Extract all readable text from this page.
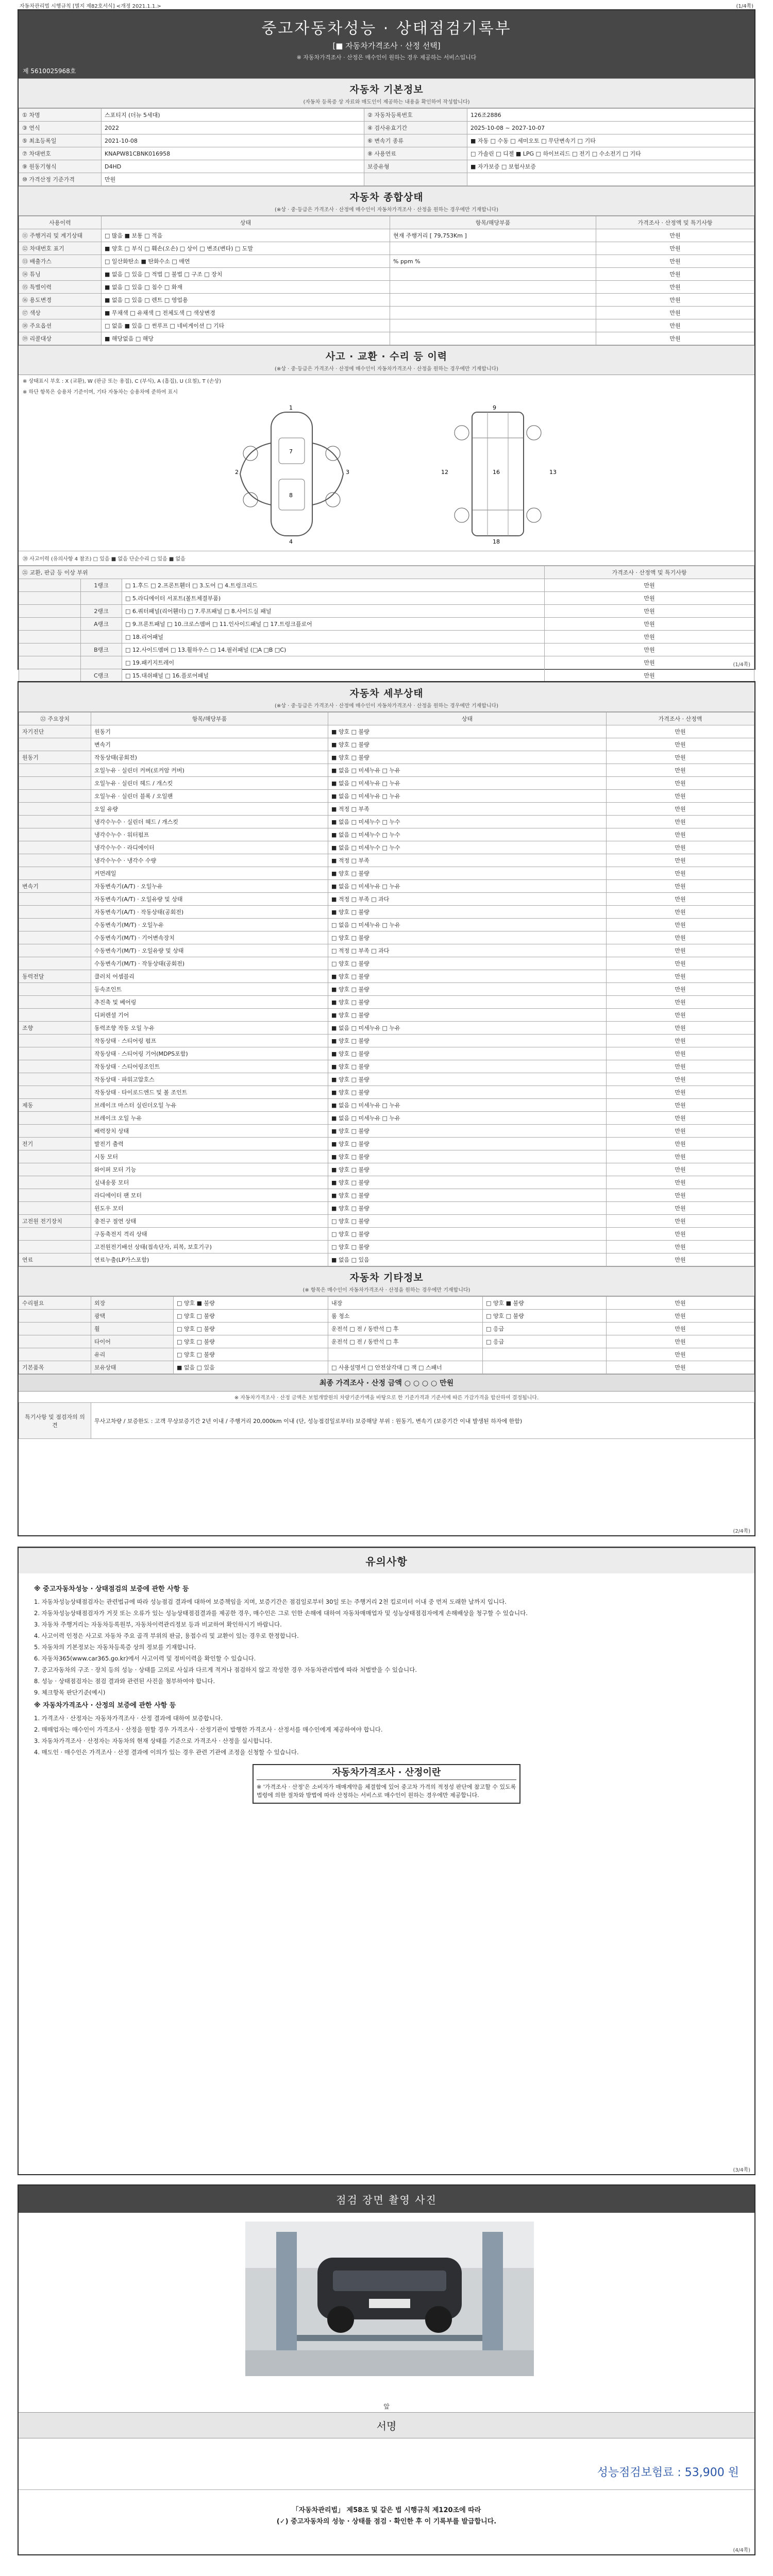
자동차관리법 시행규칙 [별지 제82호서식] <개정 2021.1.1.>	(1/4쪽)
중고자동차성능 · 상태점검기록부
[■ 자동차가격조사 · 산정 선택]
※ 자동차가격조사 · 산정은 매수인이 원하는 경우 제공하는 서비스입니다
제 5610025968호
자동차 기본정보
(자동차 등록증 상 자료와 매도인이 제공하는 내용을 확인하여 작성합니다)
① 차명	스포티지 (더뉴 5세대)	② 자동차등록번호	126조2886
③ 연식	2022	④ 검사유효기간	2025-10-08 ~ 2027-10-07
⑤ 최초등록일	2021-10-08	⑥ 변속기 종류	■ 자동 □ 수동 □ 세미오토 □ 무단변속기 □ 기타
⑦ 차대번호	KNAPW81CBNK016958	⑧ 사용연료	□ 가솔린 □ 디젤 ■ LPG □ 하이브리드 □ 전기 □ 수소전기 □ 기타
⑨ 원동기형식	D4HD	보증유형	■ 자가보증 □ 보험사보증
⑩ 가격산정 기준가격	만원		
자동차 종합상태
(※상 · 중·등급은 가격조사 · 산정에 매수인이 자동차가격조사 · 산정을 원하는 경우에만 기재합니다)
사용이력	상태	항목/해당부품	가격조사 · 산정액 및 특기사항
⑪ 주행거리 및 계기상태	□ 많음 ■ 보통 □ 적음	현재 주행거리 [ 79,753Km ]	만원
⑫ 차대번호 표기	■ 양호 □ 부식 □ 훼손(오손) □ 상이 □ 변조(변타) □ 도말		만원
⑬ 배출가스	□ 일산화탄소 ■ 탄화수소 □ 매연	% ppm %	만원
⑭ 튜닝	■ 없음 □ 있음 □ 적법 □ 불법 □ 구조 □ 장치		만원
⑮ 특별이력	■ 없음 □ 있음 □ 침수 □ 화재		만원
⑯ 용도변경	■ 없음 □ 있음 □ 렌트 □ 영업용		만원
⑰ 색상	■ 무채색 □ 유채색 □ 전체도색 □ 색상변경		만원
⑱ 주요옵션	□ 없음 ■ 있음 □ 썬루프 □ 네비게이션 □ 기타		만원
⑲ 리콜대상	■ 해당없음 □ 해당		만원
사고 · 교환 · 수리 등 이력
(※상 · 중·등급은 가격조사 · 산정에 매수인이 자동차가격조사 · 산정을 원하는 경우에만 기재합니다)
※ 상태표시 부호 : X (교환), W (판금 또는 용접), C (부식), A (흠집), U (요철), T (손상)
※ 하단 항목은 승용차 기준이며, 기타 자동차는 승용차에 준하여 표시
1
2	3
4
7
8
9
16
12	13
18
⑳ 사고이력 (유의사항 4 참조) □ 있음 ■ 없음 단순수리 □ 있음 ■ 없음
㉑ 교환, 판금 등 이상 부위			가격조사 · 산정액 및 특기사항
	1랭크	□ 1.후드 □ 2.프론트휀더 □ 3.도어 □ 4.트렁크리드	만원
		□ 5.라디에이터 서포트(볼트체결부품)	만원
	2랭크	□ 6.쿼터패널(리어휀더) □ 7.루프패널 □ 8.사이드실 패널	만원
	A랭크	□ 9.프론트패널 □ 10.크로스멤버 □ 11.인사이드패널 □ 17.트렁크플로어	만원
		□ 18.리어패널	만원
	B랭크	□ 12.사이드멤버 □ 13.휠하우스 □ 14.필러패널 (□A □B □C)	만원
		□ 19.패키지트레이	만원
	C랭크	□ 15.대쉬패널 □ 16.플로어패널	만원
(1/4쪽)
자동차 세부상태
(※상 · 중·등급은 가격조사 · 산정에 매수인이 자동차가격조사 · 산정을 원하는 경우에만 기재합니다)
㉒ 주요장치	항목/해당부품	상태	가격조사 · 산정액
자기진단	원동기	■ 양호 □ 불량	만원
	변속기	■ 양호 □ 불량	만원
원동기	작동상태(공회전)	■ 양호 □ 불량	만원
	오일누유 · 실린더 커버(로커암 커버)	■ 없음 □ 미세누유 □ 누유	만원
	오일누유 · 실린더 헤드 / 개스킷	■ 없음 □ 미세누유 □ 누유	만원
	오일누유 · 실린더 블록 / 오일팬	■ 없음 □ 미세누유 □ 누유	만원
	오일 유량	■ 적정 □ 부족	만원
	냉각수누수 · 실린더 헤드 / 개스킷	■ 없음 □ 미세누수 □ 누수	만원
	냉각수누수 · 워터펌프	■ 없음 □ 미세누수 □ 누수	만원
	냉각수누수 · 라디에이터	■ 없음 □ 미세누수 □ 누수	만원
	냉각수누수 · 냉각수 수량	■ 적정 □ 부족	만원
	커먼레일	■ 양호 □ 불량	만원
변속기	자동변속기(A/T) · 오일누유	■ 없음 □ 미세누유 □ 누유	만원
	자동변속기(A/T) · 오일유량 및 상태	■ 적정 □ 부족 □ 과다	만원
	자동변속기(A/T) · 작동상태(공회전)	■ 양호 □ 불량	만원
	수동변속기(M/T) · 오일누유	□ 없음 □ 미세누유 □ 누유	만원
	수동변속기(M/T) · 기어변속장치	□ 양호 □ 불량	만원
	수동변속기(M/T) · 오일유량 및 상태	□ 적정 □ 부족 □ 과다	만원
	수동변속기(M/T) · 작동상태(공회전)	□ 양호 □ 불량	만원
동력전달	클러치 어셈블리	■ 양호 □ 불량	만원
	등속조인트	■ 양호 □ 불량	만원
	추진축 및 베어링	■ 양호 □ 불량	만원
	디퍼렌셜 기어	■ 양호 □ 불량	만원
조향	동력조향 작동 오일 누유	■ 없음 □ 미세누유 □ 누유	만원
	작동상태 · 스티어링 펌프	■ 양호 □ 불량	만원
	작동상태 · 스티어링 기어(MDPS포함)	■ 양호 □ 불량	만원
	작동상태 · 스티어링조인트	■ 양호 □ 불량	만원
	작동상태 · 파워고압호스	■ 양호 □ 불량	만원
	작동상태 · 타이로드엔드 및 볼 조인트	■ 양호 □ 불량	만원
제동	브레이크 마스터 실린더오일 누유	■ 없음 □ 미세누유 □ 누유	만원
	브레이크 오일 누유	■ 없음 □ 미세누유 □ 누유	만원
	배력장치 상태	■ 양호 □ 불량	만원
전기	발전기 출력	■ 양호 □ 불량	만원
	시동 모터	■ 양호 □ 불량	만원
	와이퍼 모터 기능	■ 양호 □ 불량	만원
	실내송풍 모터	■ 양호 □ 불량	만원
	라디에이터 팬 모터	■ 양호 □ 불량	만원
	윈도우 모터	■ 양호 □ 불량	만원
고전원 전기장치	충전구 절연 상태	□ 양호 □ 불량	만원
	구동축전지 격리 상태	□ 양호 □ 불량	만원
	고전원전기배선 상태(접속단자, 피복, 보호기구)	□ 양호 □ 불량	만원
연료	연료누출(LP가스포함)	■ 없음 □ 있음	만원
자동차 기타정보
(※ 항목은 매수인이 자동차가격조사 · 산정을 원하는 경우에만 기재합니다)
수리필요	외장	□ 양호 ■ 불량	내장	□ 양호 ■ 불량	만원
	광택	□ 양호 □ 불량	룸 청소	□ 양호 □ 불량	만원
	휠	□ 양호 □ 불량	운전석 □ 전 / 동반석 □ 후	□ 응급	만원
	타이어	□ 양호 □ 불량	운전석 □ 전 / 동반석 □ 후	□ 응급	만원
	유리	□ 양호 □ 불량			만원
기본품목	보유상태	■ 없음 □ 있음	□ 사용설명서 □ 안전삼각대 □ 잭 □ 스패너		만원
최종 가격조사 · 산정 금액 ○ ○ ○ ○ 만원
※ 자동차가격조사 · 산정 금액은 보험개발원의 차량기준가액을 바탕으로 한 기준가격과 기준서에 따른 가감가격을 합산하여 결정됩니다.
특기사항 및 점검자의 의견	무사고차량 / 보증한도 : 고객 무상보증기간 2년 이내 / 주행거리 20,000km 이내 (단, 성능점검일로부터) 보증해당 부위 : 원동기, 변속기 (보증기간 이내 발생된 하자에 한함)
(2/4쪽)
유의사항
※ 중고자동차성능 · 상태점검의 보증에 관한 사항 등
1. 자동차성능상태점검자는 관련법규에 따라 성능점검 결과에 대하여 보증책임을 지며, 보증기간은 점검일로부터 30일 또는 주행거리 2천 킬로미터 이내 중 먼저 도래한 날까지 입니다.
2. 자동차성능상태점검자가 거짓 또는 오류가 있는 성능상태점검결과를 제공한 경우, 매수인은 그로 인한 손해에 대하여 자동차매매업자 및 성능상태점검자에게 손해배상을 청구할 수 있습니다.
3. 자동차 주행거리는 자동차등록원부, 자동차이력관리정보 등과 비교하여 확인하시기 바랍니다.
4. 사고이력 인정은 사고로 자동차 주요 골격 부위의 판금, 용접수리 및 교환이 있는 경우로 한정합니다.
5. 자동차의 기본정보는 자동차등록증 상의 정보를 기재합니다.
6. 자동차365(www.car365.go.kr)에서 사고이력 및 정비이력을 확인할 수 있습니다.
7. 중고자동차의 구조 · 장치 등의 성능 · 상태를 고의로 사실과 다르게 적거나 점검하지 않고 작성한 경우 자동차관리법에 따라 처벌받을 수 있습니다.
8. 성능 · 상태점검자는 점검 결과와 관련된 사진을 첨부하여야 합니다.
9. 체크항목 판단기준(예시)
※ 자동차가격조사 · 산정의 보증에 관한 사항 등
1. 가격조사 · 산정자는 자동차가격조사 · 산정 결과에 대하여 보증합니다.
2. 매매업자는 매수인이 가격조사 · 산정을 원할 경우 가격조사 · 산정기관이 발행한 가격조사 · 산정서를 매수인에게 제공하여야 합니다.
3. 자동차가격조사 · 산정자는 자동차의 현재 상태를 기준으로 가격조사 · 산정을 실시합니다.
4. 매도인 · 매수인은 가격조사 · 산정 결과에 이의가 있는 경우 관련 기관에 조정을 신청할 수 있습니다.
자동차가격조사 · 산정이란
※ '가격조사 · 산정'은 소비자가 매매계약을 체결함에 있어 중고차 가격의 적정성 판단에 참고할 수 있도록 법령에 의한 절차와 방법에 따라 산정하는 서비스로 매수인이 원하는 경우에만 제공합니다.
(3/4쪽)
점검 장면 촬영 사진
앞
서명
성능점검보험료 : 53,900 원
「자동차관리법」 제58조 및 같은 법 시행규칙 제120조에 따라
(✓) 중고자동차의 성능 · 상태를 점검 · 확인한 후 이 기록부를 발급합니다.
(4/4쪽)
